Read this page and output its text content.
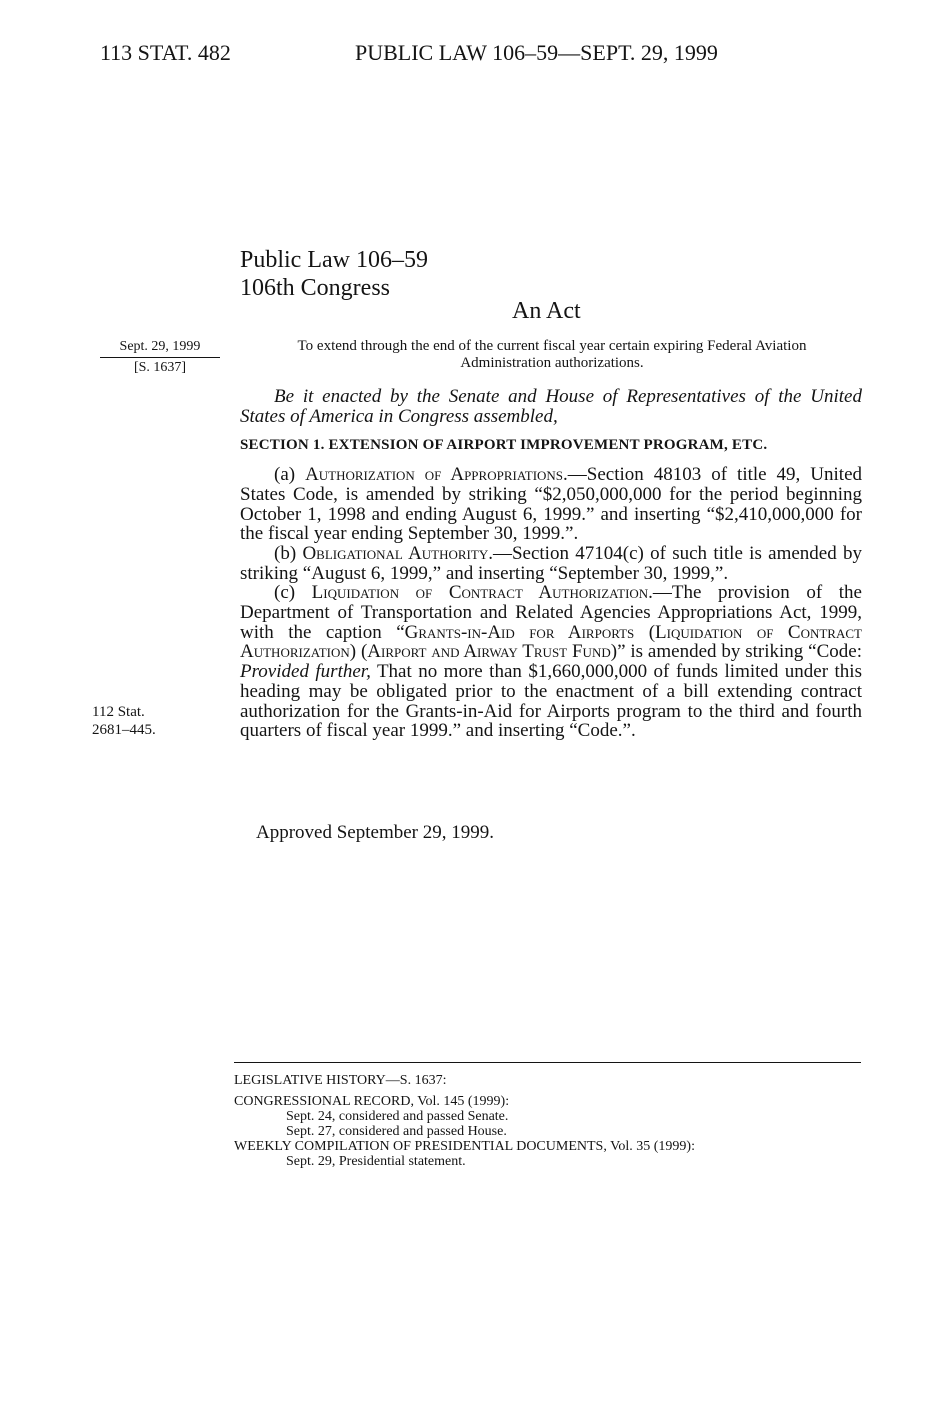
113 STAT. 482	PUBLIC LAW 106–59—SEPT. 29, 1999
Public Law 106–59
106th Congress
An Act
Sept. 29, 1999
[S. 1637]
To extend through the end of the current fiscal year certain expiring Federal Aviation Administration authorizations.

Be it enacted by the Senate and House of Representatives of the United States of America in Congress assembled,

SECTION 1. EXTENSION OF AIRPORT IMPROVEMENT PROGRAM, ETC.

(a) Authorization of Appropriations.—Section 48103 of title 49, United States Code, is amended by striking “$2,050,000,000 for the period beginning October 1, 1998 and ending August 6, 1999.” and inserting “$2,410,000,000 for the fiscal year ending September 30, 1999.”.

(b) Obligational Authority.—Section 47104(c) of such title is amended by striking “August 6, 1999,” and inserting “September 30, 1999,”.

(c) Liquidation of Contract Authorization.—The provision of the Department of Transportation and Related Agencies Appropriations Act, 1999, with the caption “Grants-in-Aid for Airports (Liquidation of Contract Authorization) (Airport and Airway Trust Fund)” is amended by striking “Code: Provided further, That no more than $1,660,000,000 of funds limited under this heading may be obligated prior to the enactment of a bill extending contract authorization for the Grants-in-Aid for Airports program to the third and fourth quarters of fiscal year 1999.” and inserting “Code.”.

112 Stat.
2681–445.
Approved September 29, 1999.
LEGISLATIVE HISTORY—S. 1637:
CONGRESSIONAL RECORD, Vol. 145 (1999):
Sept. 24, considered and passed Senate.
Sept. 27, considered and passed House.
WEEKLY COMPILATION OF PRESIDENTIAL DOCUMENTS, Vol. 35 (1999):
Sept. 29, Presidential statement.
